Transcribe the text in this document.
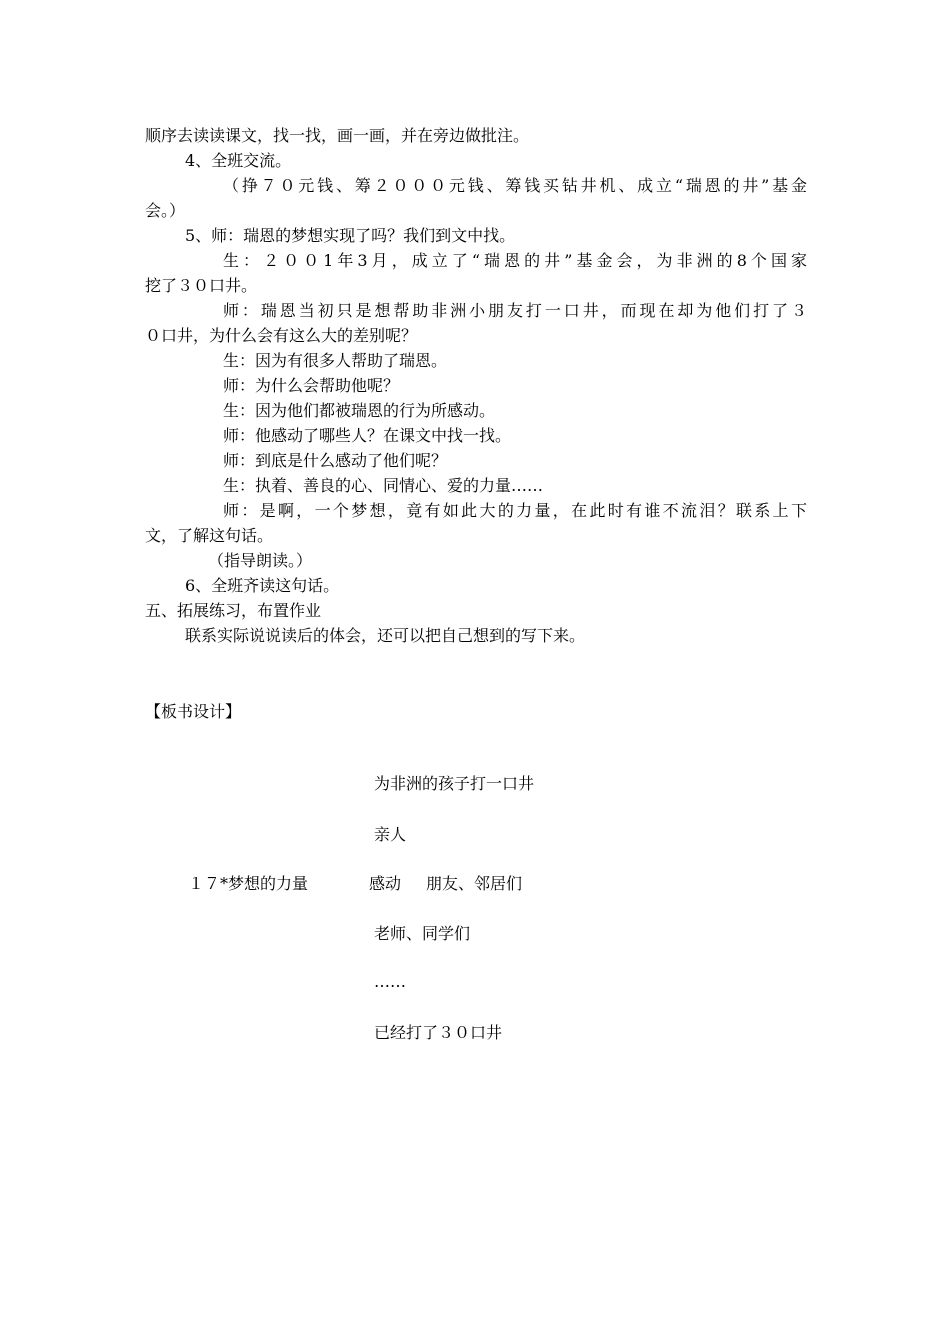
顺序去读读课文，找一找，画一画，并在旁边做批注。

4、全班交流。

（挣７０元钱、筹２０００元钱、筹钱买钻井机、成立“瑞恩的井”基金

会。）

5、师：瑞恩的梦想实现了吗？我们到文中找。

生：２００1年3月，成立了“瑞恩的井”基金会，为非洲的8个国家

挖了３０口井。

师：瑞恩当初只是想帮助非洲小朋友打一口井，而现在却为他们打了３

０口井，为什么会有这么大的差别呢？

生：因为有很多人帮助了瑞恩。

师：为什么会帮助他呢？

生：因为他们都被瑞恩的行为所感动。

师：他感动了哪些人？在课文中找一找。

师：到底是什么感动了他们呢？

生：执着、善良的心、同情心、爱的力量……

师：是啊，一个梦想，竟有如此大的力量，在此时有谁不流泪？联系上下

文，了解这句话。

（指导朗读。）

6、全班齐读这句话。

五、拓展练习，布置作业

联系实际说说读后的体会，还可以把自己想到的写下来。

【板书设计】

为非洲的孩子打一口井
亲人
１７*梦想的力量	感动 朋友、邻居们
老师、同学们
……
已经打了３０口井
